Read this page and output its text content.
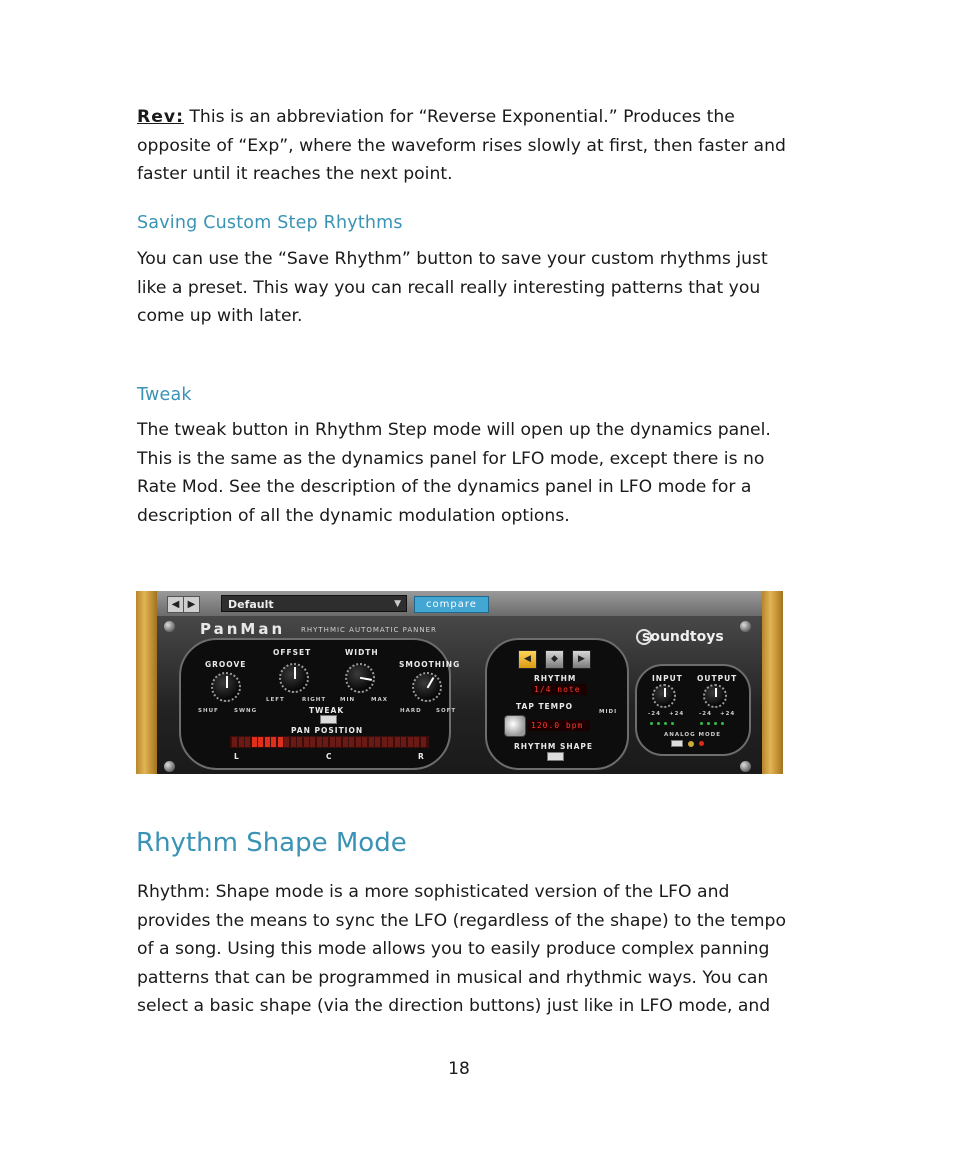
Rev: This is an abbreviation for “Reverse Exponential.” Produces the opposite of “Exp”, where the waveform rises slowly at first, then faster and faster until it reaches the next point.

Saving Custom Step Rhythms

You can use the “Save Rhythm” button to save your custom rhythms just like a preset. This way you can recall really interesting patterns that you come up with later.

Tweak

The tweak button in Rhythm Step mode will open up the dynamics panel. This is the same as the dynamics panel for LFO mode, except there is no Rate Mod. See the description of the dynamics panel in LFO mode for a description of all the dynamic modulation options.

◀ ▶	Default	▼	compare
PanMan RHYTHMIC AUTOMATIC PANNER	soundtoys
GROOVE
SHUF	SWNG
OFFSET
LEFT	RIGHT
WIDTH
MIN	MAX
SMOOTHING
HARD	SOFT
TWEAK
PAN POSITION
L	C	R
◀	◆	▶
RHYTHM
1/4 note
TAP TEMPO
MIDI
120.0 bpm
RHYTHM SHAPE
INPUT OUTPUT
-24 +24	-24 +24
ANALOG MODE
Rhythm Shape Mode

Rhythm: Shape mode is a more sophisticated version of the LFO and provides the means to sync the LFO (regardless of the shape) to the tempo of a song. Using this mode allows you to easily produce complex panning patterns that can be programmed in musical and rhythmic ways. You can select a basic shape (via the direction buttons) just like in LFO mode, and

18
